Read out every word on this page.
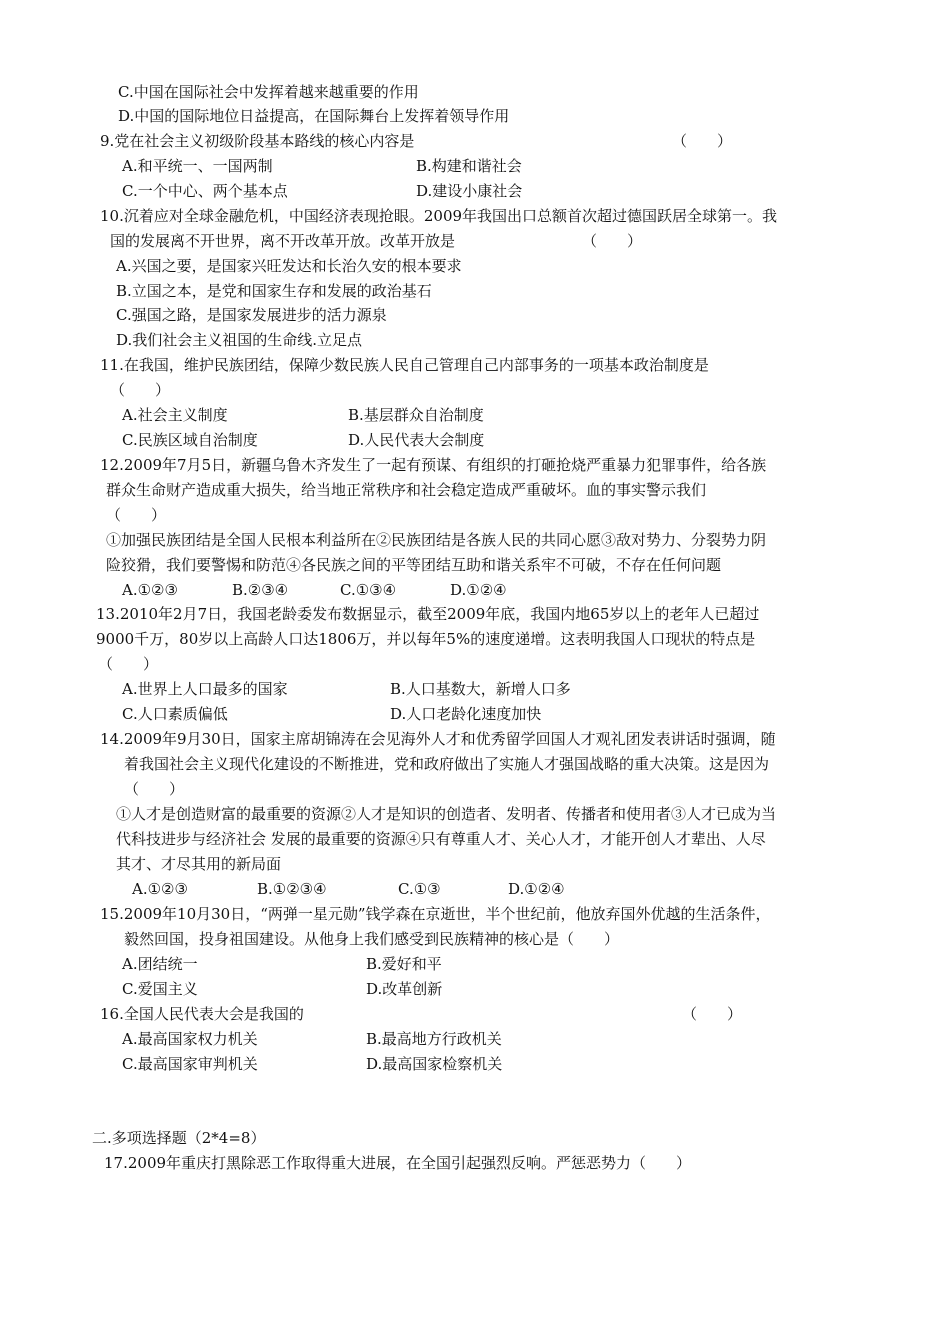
C.中国在国际社会中发挥着越来越重要的作用
D.中国的国际地位日益提高，在国际舞台上发挥着领导作用
9.党在社会主义初级阶段基本路线的核心内容是	（　　）
A.和平统一、一国两制	B.构建和谐社会
C.一个中心、两个基本点	D.建设小康社会
10.沉着应对全球金融危机，中国经济表现抢眼。2009年我国出口总额首次超过德国跃居全球第一。我
国的发展离不开世界，离不开改革开放。改革开放是	（　　）
A.兴国之要，是国家兴旺发达和长治久安的根本要求
B.立国之本，是党和国家生存和发展的政治基石
C.强国之路，是国家发展进步的活力源泉
D.我们社会主义祖国的生命线.立足点
11.在我国，维护民族团结，保障少数民族人民自己管理自己内部事务的一项基本政治制度是
（　　）
A.社会主义制度	B.基层群众自治制度
C.民族区域自治制度	D.人民代表大会制度
12.2009年7月5日，新疆乌鲁木齐发生了一起有预谋、有组织的打砸抢烧严重暴力犯罪事件，给各族
群众生命财产造成重大损失，给当地正常秩序和社会稳定造成严重破坏。血的事实警示我们
（　　）
①加强民族团结是全国人民根本利益所在②民族团结是各族人民的共同心愿③敌对势力、分裂势力阴
险狡猾，我们要警惕和防范④各民族之间的平等团结互助和谐关系牢不可破，不存在任何问题
A.①②③	B.②③④	C.①③④	D.①②④
13.2010年2月7日，我国老龄委发布数据显示，截至2009年底，我国内地65岁以上的老年人已超过
9000千万，80岁以上高龄人口达1806万，并以每年5%的速度递增。这表明我国人口现状的特点是
（　　）
A.世界上人口最多的国家	B.人口基数大，新增人口多
C.人口素质偏低	D.人口老龄化速度加快
14.2009年9月30日，国家主席胡锦涛在会见海外人才和优秀留学回国人才观礼团发表讲话时强调，随
着我国社会主义现代化建设的不断推进，党和政府做出了实施人才强国战略的重大决策。这是因为
（　　）
①人才是创造财富的最重要的资源②人才是知识的创造者、发明者、传播者和使用者③人才已成为当
代科技进步与经济社会 发展的最重要的资源④只有尊重人才、关心人才，才能开创人才辈出、人尽
其才、才尽其用的新局面
A.①②③	B.①②③④	C.①③	D.①②④
15.2009年10月30日，“两弹一星元勋”钱学森在京逝世，半个世纪前，他放弃国外优越的生活条件，
毅然回国，投身祖国建设。从他身上我们感受到民族精神的核心是（　　）
A.团结统一	B.爱好和平
C.爱国主义	D.改革创新
16.全国人民代表大会是我国的	（　　）
A.最高国家权力机关	B.最高地方行政机关
C.最高国家审判机关	D.最高国家检察机关
二.多项选择题（2*4=8）
17.2009年重庆打黑除恶工作取得重大进展，在全国引起强烈反响。严惩恶势力（　　）
